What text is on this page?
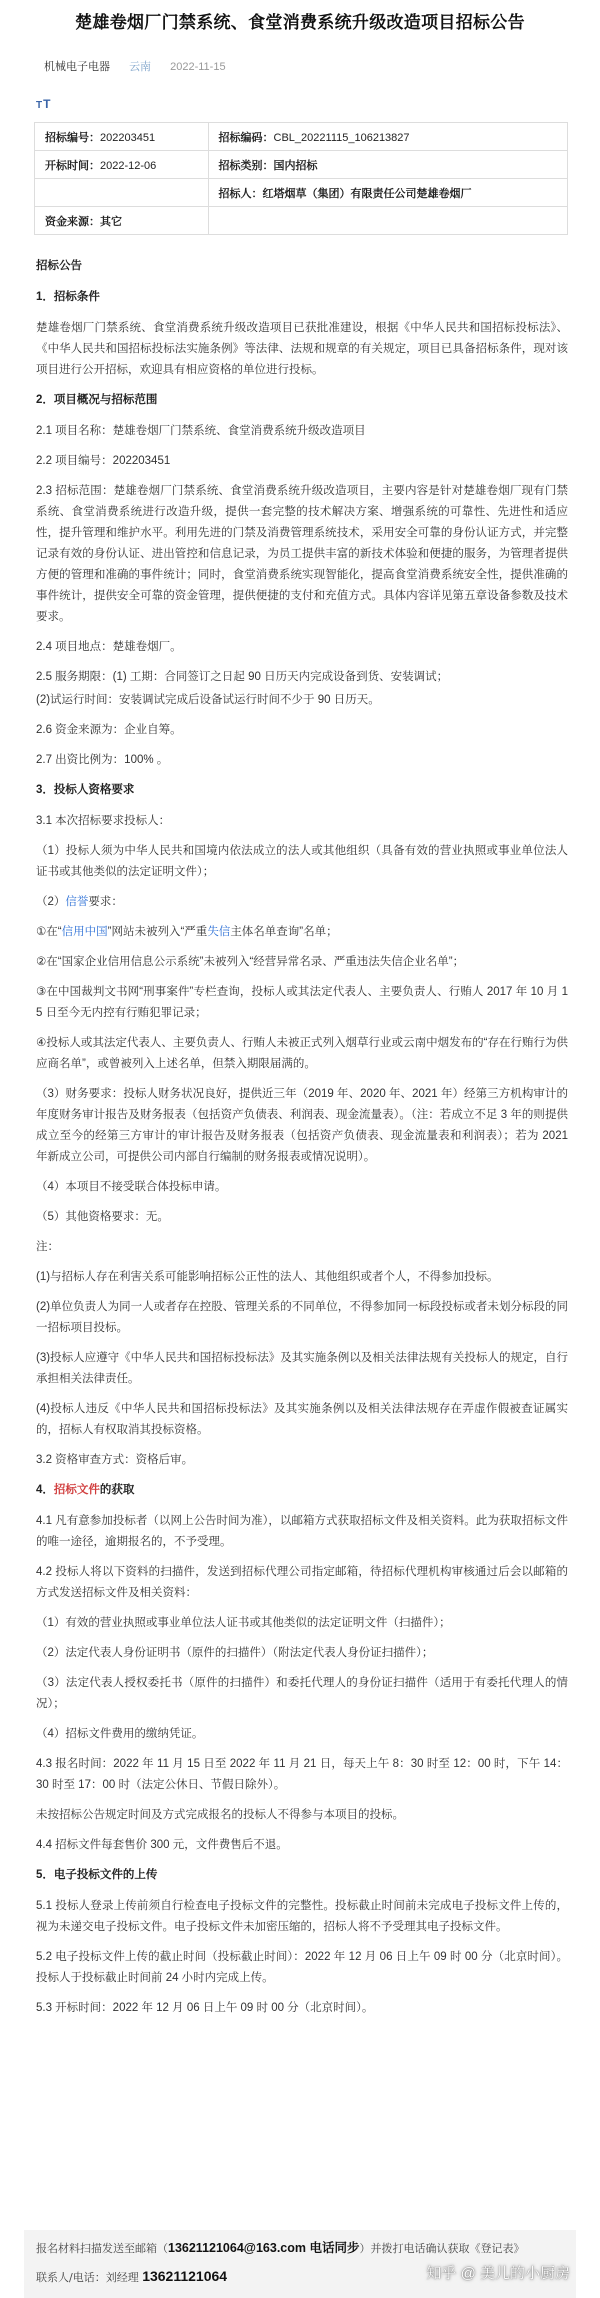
楚雄卷烟厂门禁系统、食堂消费系统升级改造项目招标公告
机械电子电器 云南 2022-11-15
TT
招标编号：202203451	招标编码：CBL_20221115_106213827
开标时间：2022-12-06	招标类别：国内招标
	招标人：红塔烟草（集团）有限责任公司楚雄卷烟厂
资金来源：其它	

招标公告

1．招标条件

楚雄卷烟厂门禁系统、食堂消费系统升级改造项目已获批准建设，根据《中华人民共和国招标投标法》、《中华人民共和国招标投标法实施条例》等法律、法规和规章的有关规定，项目已具备招标条件，现对该项目进行公开招标，欢迎具有相应资格的单位进行投标。

2．项目概况与招标范围

2.1 项目名称：楚雄卷烟厂门禁系统、食堂消费系统升级改造项目

2.2 项目编号：202203451

2.3 招标范围：楚雄卷烟厂门禁系统、食堂消费系统升级改造项目，主要内容是针对楚雄卷烟厂现有门禁系统、食堂消费系统进行改造升级，提供一套完整的技术解决方案、增强系统的可靠性、先进性和适应性，提升管理和维护水平。利用先进的门禁及消费管理系统技术，采用安全可靠的身份认证方式，并完整记录有效的身份认证、进出管控和信息记录，为员工提供丰富的新技术体验和便捷的服务，为管理者提供方便的管理和准确的事件统计；同时，食堂消费系统实现智能化，提高食堂消费系统安全性，提供准确的事件统计，提供安全可靠的资金管理，提供便捷的支付和充值方式。具体内容详见第五章设备参数及技术要求。

2.4 项目地点：楚雄卷烟厂。

2.5 服务期限：(1) 工期：合同签订之日起 90 日历天内完成设备到货、安装调试；

(2)试运行时间：安装调试完成后设备试运行时间不少于 90 日历天。

2.6 资金来源为：企业自筹。

2.7 出资比例为：100% 。

3．投标人资格要求

3.1 本次招标要求投标人：

（1）投标人须为中华人民共和国境内依法成立的法人或其他组织（具备有效的营业执照或事业单位法人证书或其他类似的法定证明文件）；

（2）信誉要求：

①在“信用中国”网站未被列入“严重失信主体名单查询”名单；

②在“国家企业信用信息公示系统”未被列入“经营异常名录、严重违法失信企业名单”；

③在中国裁判文书网“刑事案件”专栏查询，投标人或其法定代表人、主要负责人、行贿人 2017 年 10 月 15 日至今无内控有行贿犯罪记录；

④投标人或其法定代表人、主要负责人、行贿人未被正式列入烟草行业或云南中烟发布的“存在行贿行为供应商名单”，或曾被列入上述名单，但禁入期限届满的。

（3）财务要求：投标人财务状况良好，提供近三年（2019 年、2020 年、2021 年）经第三方机构审计的年度财务审计报告及财务报表（包括资产负债表、利润表、现金流量表）。（注：若成立不足 3 年的则提供成立至今的经第三方审计的审计报告及财务报表（包括资产负债表、现金流量表和利润表）；若为 2021 年新成立公司，可提供公司内部自行编制的财务报表或情况说明）。

（4）本项目不接受联合体投标申请。

（5）其他资格要求：无。

注：

(1)与招标人存在利害关系可能影响招标公正性的法人、其他组织或者个人，不得参加投标。

(2)单位负责人为同一人或者存在控股、管理关系的不同单位，不得参加同一标段投标或者未划分标段的同一招标项目投标。

(3)投标人应遵守《中华人民共和国招标投标法》及其实施条例以及相关法律法规有关投标人的规定，自行承担相关法律责任。

(4)投标人违反《中华人民共和国招标投标法》及其实施条例以及相关法律法规存在弄虚作假被查证属实的，招标人有权取消其投标资格。

3.2 资格审查方式：资格后审。

4．招标文件的获取

4.1 凡有意参加投标者（以网上公告时间为准），以邮箱方式获取招标文件及相关资料。此为获取招标文件的唯一途径，逾期报名的，不予受理。

4.2 投标人将以下资料的扫描件，发送到招标代理公司指定邮箱，待招标代理机构审核通过后会以邮箱的方式发送招标文件及相关资料：

（1）有效的营业执照或事业单位法人证书或其他类似的法定证明文件（扫描件）；

（2）法定代表人身份证明书（原件的扫描件）（附法定代表人身份证扫描件）；

（3）法定代表人授权委托书（原件的扫描件）和委托代理人的身份证扫描件（适用于有委托代理人的情况）；

（4）招标文件费用的缴纳凭证。

4.3 报名时间：2022 年 11 月 15 日至 2022 年 11 月 21 日，每天上午 8：30 时至 12：00 时，下午 14：30 时至 17：00 时（法定公休日、节假日除外）。

未按招标公告规定时间及方式完成报名的投标人不得参与本项目的投标。

4.4 招标文件每套售价 300 元，文件费售后不退。

5．电子投标文件的上传

5.1 投标人登录上传前须自行检查电子投标文件的完整性。投标截止时间前未完成电子投标文件上传的，视为未递交电子投标文件。电子投标文件未加密压缩的，招标人将不予受理其电子投标文件。

5.2 电子投标文件上传的截止时间（投标截止时间）：2022 年 12 月 06 日上午 09 时 00 分（北京时间）。投标人于投标截止时间前 24 小时内完成上传。

5.3 开标时间：2022 年 12 月 06 日上午 09 时 00 分（北京时间）。

报名材料扫描发送至邮箱（13621121064@163.com 电话同步）并拨打电话确认获取《登记表》
联系人/电话：刘经理 13621121064	知乎 @ 美儿的小厨房
